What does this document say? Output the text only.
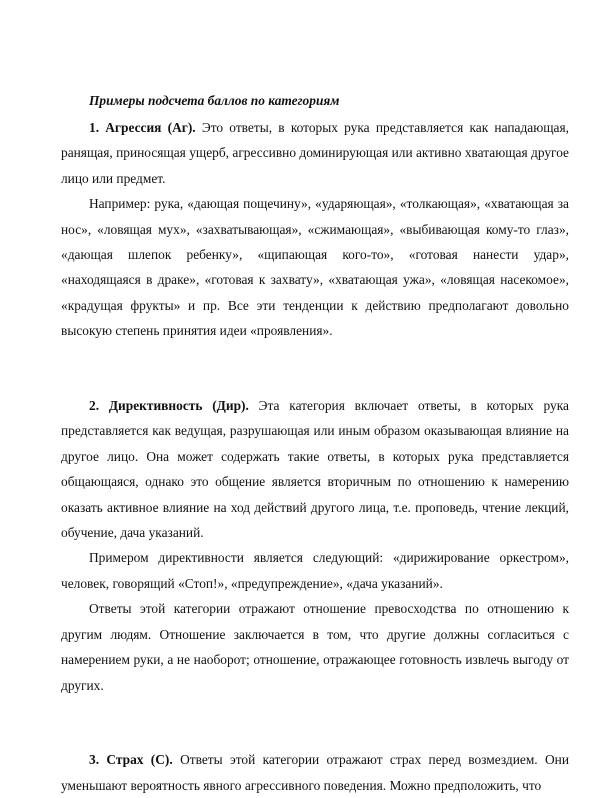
Примеры подсчета баллов по категориям

1. Агрессия (Аг). Это ответы, в которых рука представляется как нападающая, ранящая, приносящая ущерб, агрессивно доминирующая или активно хватающая другое лицо или предмет.

Например: рука, «дающая пощечину», «ударяющая», «толкающая», «хватающая за нос», «ловящая мух», «захватывающая», «сжимающая», «выбивающая кому-то глаз», «дающая шлепок ребенку», «щипающая кого-то», «готовая нанести удар», «находящаяся в драке», «готовая к захвату», «хватающая ужа», «ловящая насекомое», «крадущая фрукты» и пр. Все эти тенденции к действию предполагают довольно высокую степень принятия идеи «проявления».

2. Директивность (Дир). Эта категория включает ответы, в которых рука представляется как ведущая, разрушающая или иным образом оказывающая влияние на другое лицо. Она может содержать такие ответы, в которых рука представляется общающаяся, однако это общение является вторичным по отношению к намерению оказать активное влияние на ход действий другого лица, т.е. проповедь, чтение лекций, обучение, дача указаний.

Примером директивности является следующий: «дирижирование оркестром», человек, говорящий «Стоп!», «предупреждение», «дача указаний».

Ответы этой категории отражают отношение превосходства по отношению к другим людям. Отношение заключается в том, что другие должны согласиться с намерением руки, а не наоборот; отношение, отражающее готовность извлечь выгоду от других.

3. Страх (С). Ответы этой категории отражают страх перед возмездием. Они уменьшают вероятность явного агрессивного поведения. Можно предположить, что
